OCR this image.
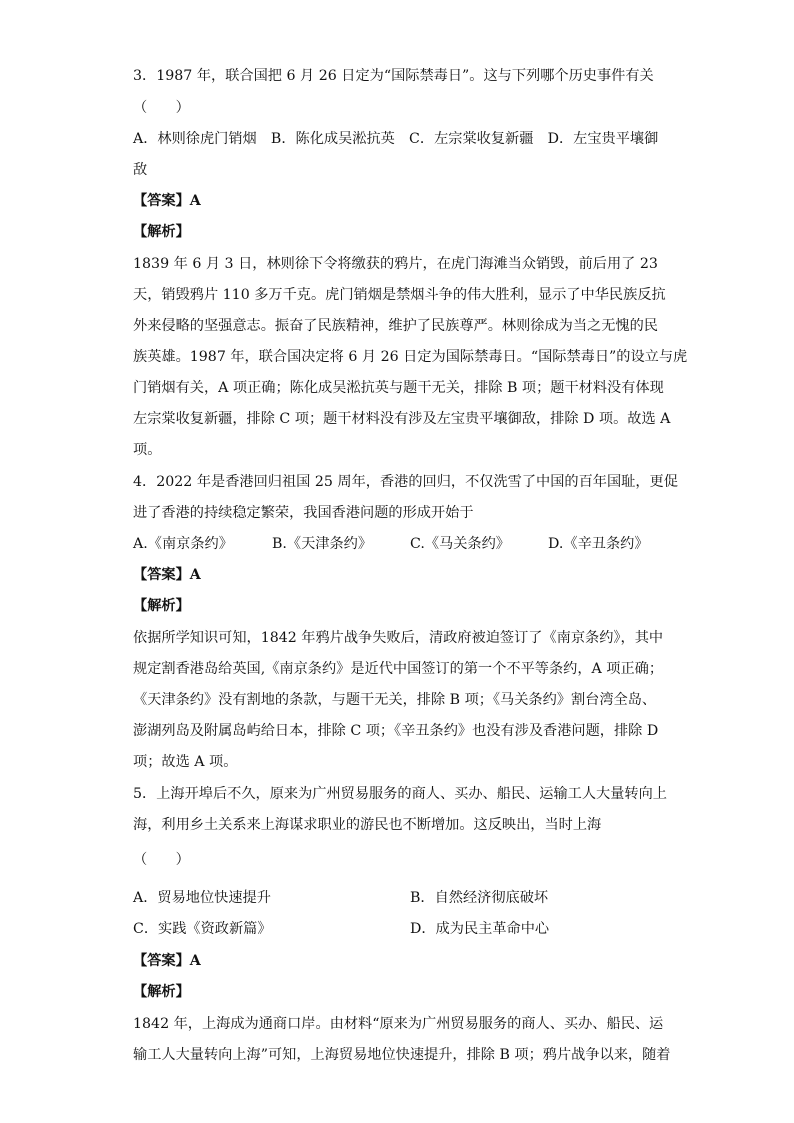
3．1987 年，联合国把 6 月 26 日定为“国际禁毒日”。这与下列哪个历史事件有关
（　　）
A．林则徐虎门销烟　B．陈化成吴淞抗英　C．左宗棠收复新疆　D．左宝贵平壤御
敌
【答案】A
【解析】
1839 年 6 月 3 日，林则徐下令将缴获的鸦片，在虎门海滩当众销毁，前后用了 23
天，销毁鸦片 110 多万千克。虎门销烟是禁烟斗争的伟大胜利，显示了中华民族反抗
外来侵略的坚强意志。振奋了民族精神，维护了民族尊严。林则徐成为当之无愧的民
族英雄。1987 年，联合国决定将 6 月 26 日定为国际禁毒日。“国际禁毒日”的设立与虎
门销烟有关，A 项正确；陈化成吴淞抗英与题干无关，排除 B 项；题干材料没有体现
左宗棠收复新疆，排除 C 项；题干材料没有涉及左宝贵平壤御敌，排除 D 项。故选 A
项。
4．2022 年是香港回归祖国 25 周年，香港的回归，不仅洗雪了中国的百年国耻，更促
进了香港的持续稳定繁荣，我国香港问题的形成开始于
A.《南京条约》	B.《天津条约》	C.《马关条约》	D.《辛丑条约》
【答案】A
【解析】
依据所学知识可知，1842 年鸦片战争失败后，清政府被迫签订了《南京条约》，其中
规定割香港岛给英国,《南京条约》是近代中国签订的第一个不平等条约，A 项正确；
《天津条约》没有割地的条款，与题干无关，排除 B 项；《马关条约》割台湾全岛、
澎湖列岛及附属岛屿给日本，排除 C 项；《辛丑条约》也没有涉及香港问题，排除 D
项；故选 A 项。
5．上海开埠后不久，原来为广州贸易服务的商人、买办、船民、运输工人大量转向上
海，利用乡土关系来上海谋求职业的游民也不断增加。这反映出，当时上海
（　　）
A．贸易地位快速提升	B．自然经济彻底破坏
C．实践《资政新篇》	D．成为民主革命中心
【答案】A
【解析】
1842 年，上海成为通商口岸。由材料“原来为广州贸易服务的商人、买办、船民、运
输工人大量转向上海”可知，上海贸易地位快速提升，排除 B 项；鸦片战争以来，随着
